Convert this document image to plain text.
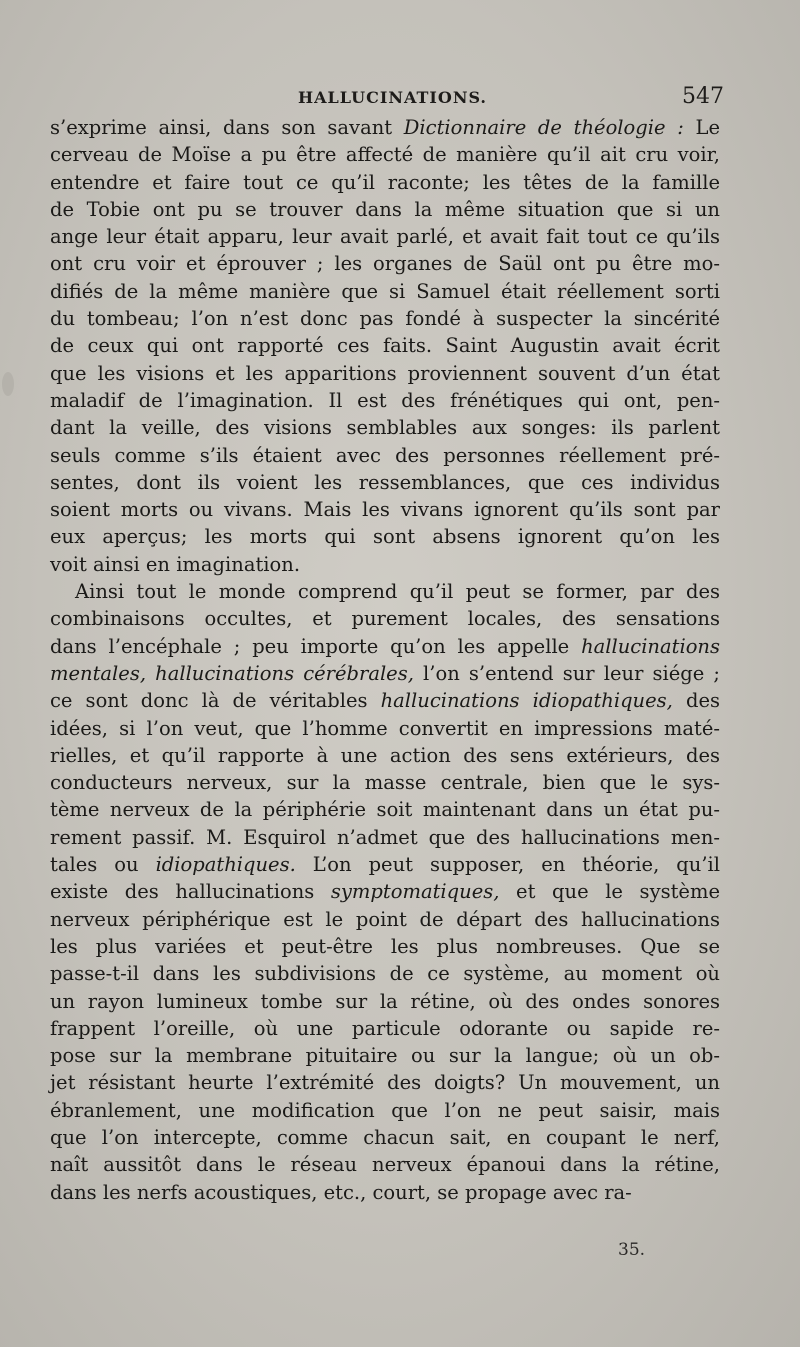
HALLUCINATIONS.	547
s’exprime ainsi, dans son savant Dictionnaire de théologie : Le
cerveau de Moïse a pu être affecté de manière qu’il ait cru voir,
entendre et faire tout ce qu’il raconte; les têtes de la famille
de Tobie ont pu se trouver dans la même situation que si un
ange leur était apparu, leur avait parlé, et avait fait tout ce qu’ils
ont cru voir et éprouver ; les organes de Saül ont pu être mo-
difiés de la même manière que si Samuel était réellement sorti
du tombeau; l’on n’est donc pas fondé à suspecter la sincérité
de ceux qui ont rapporté ces faits. Saint Augustin avait écrit
que les visions et les apparitions proviennent souvent d’un état
maladif de l’imagination. Il est des frénétiques qui ont, pen-
dant la veille, des visions semblables aux songes: ils parlent
seuls comme s’ils étaient avec des personnes réellement pré-
sentes, dont ils voient les ressemblances, que ces individus
soient morts ou vivans. Mais les vivans ignorent qu’ils sont par
eux aperçus; les morts qui sont absens ignorent qu’on les
voit ainsi en imagination.
Ainsi tout le monde comprend qu’il peut se former, par des
combinaisons occultes, et purement locales, des sensations
dans l’encéphale ; peu importe qu’on les appelle hallucinations
mentales, hallucinations cérébrales, l’on s’entend sur leur siége ;
ce sont donc là de véritables hallucinations idiopathiques, des
idées, si l’on veut, que l’homme convertit en impressions maté-
rielles, et qu’il rapporte à une action des sens extérieurs, des
conducteurs nerveux, sur la masse centrale, bien que le sys-
tème nerveux de la périphérie soit maintenant dans un état pu-
rement passif. M. Esquirol n’admet que des hallucinations men-
tales ou idiopathiques. L’on peut supposer, en théorie, qu’il
existe des hallucinations symptomatiques, et que le système
nerveux périphérique est le point de départ des hallucinations
les plus variées et peut-être les plus nombreuses. Que se
passe-t-il dans les subdivisions de ce système, au moment où
un rayon lumineux tombe sur la rétine, où des ondes sonores
frappent l’oreille, où une particule odorante ou sapide re-
pose sur la membrane pituitaire ou sur la langue; où un ob-
jet résistant heurte l’extrémité des doigts? Un mouvement, un
ébranlement, une modification que l’on ne peut saisir, mais
que l’on intercepte, comme chacun sait, en coupant le nerf,
naît aussitôt dans le réseau nerveux épanoui dans la rétine,
dans les nerfs acoustiques, etc., court, se propage avec ra-
35.
